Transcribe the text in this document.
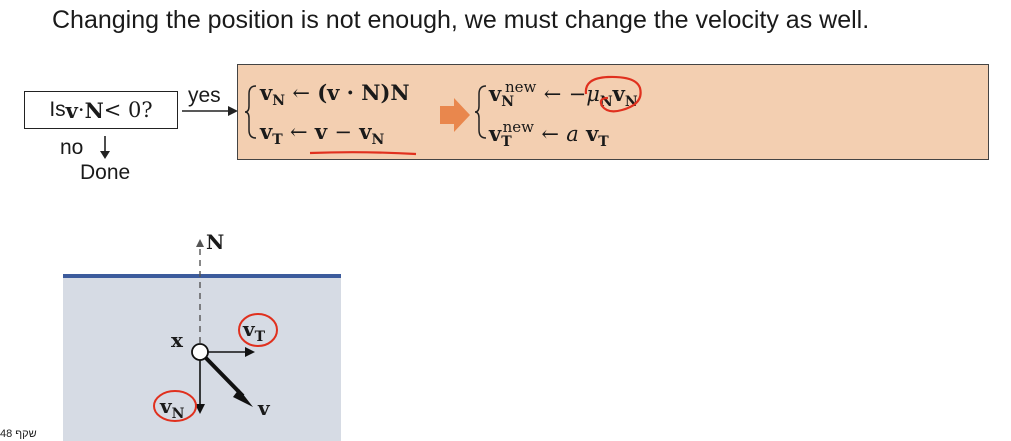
Changing the position is not enough, we must change the velocity as well.
Is v · N < 0?
yes
no
Done
$v_N$ ← (v · N)N
$v_T$ ← $v - v_N$
$v_N^{new}$ ← $-\mu_Nv_N$
$v_T^{new}$ ← a $v_T$
N
x	$v_T$
$v_N$	v
שקף 48
